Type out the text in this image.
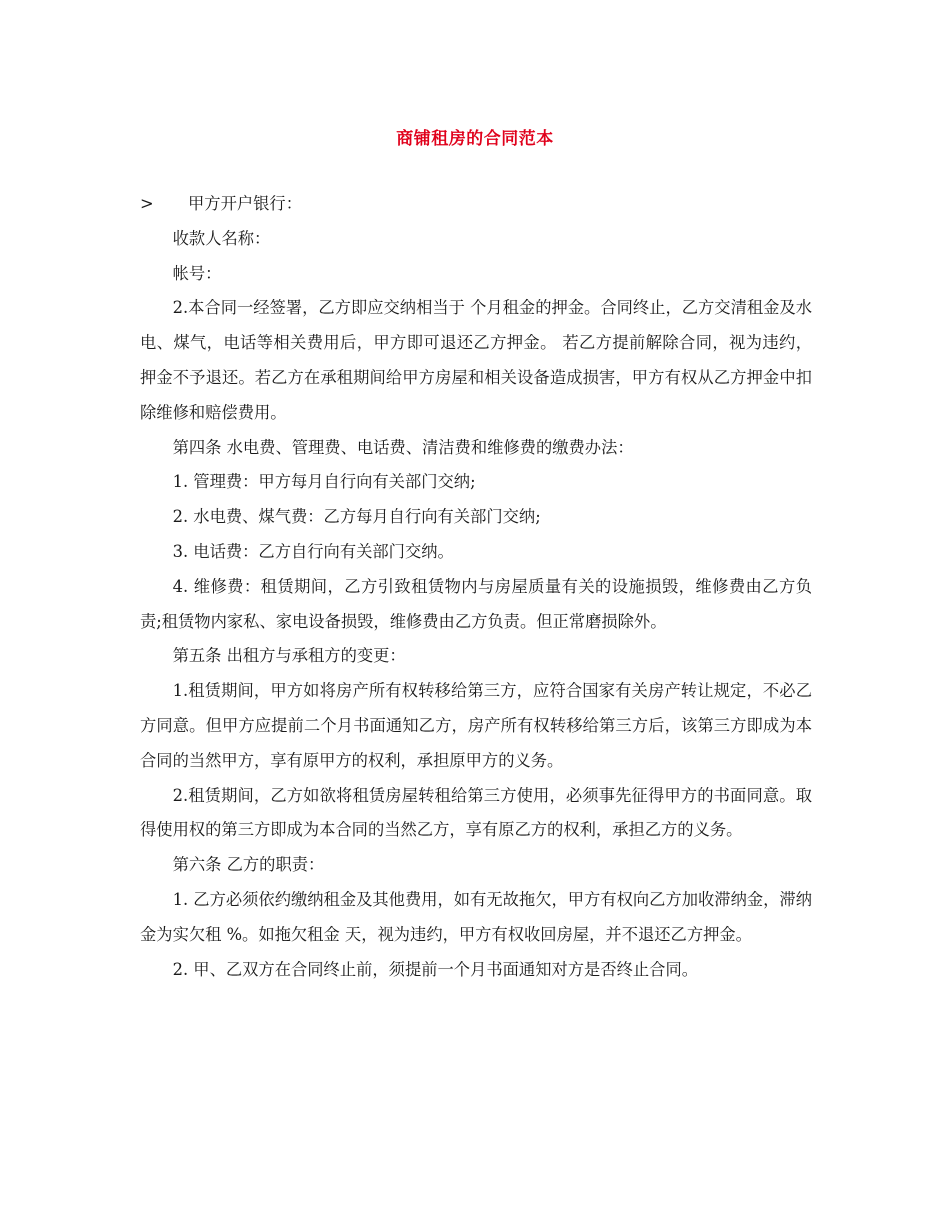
商铺租房的合同范本
> 甲方开户银行：

收款人名称：

帐号：

2.本合同一经签署，乙方即应交纳相当于 个月租金的押金。合同终止，乙方交清租金及水电、煤气，电话等相关费用后，甲方即可退还乙方押金。 若乙方提前解除合同，视为违约，押金不予退还。若乙方在承租期间给甲方房屋和相关设备造成损害，甲方有权从乙方押金中扣除维修和赔偿费用。

第四条 水电费、管理费、电话费、清洁费和维修费的缴费办法：

1. 管理费：甲方每月自行向有关部门交纳;

2. 水电费、煤气费：乙方每月自行向有关部门交纳;

3. 电话费：乙方自行向有关部门交纳。

4. 维修费：租赁期间，乙方引致租赁物内与房屋质量有关的设施损毁，维修费由乙方负责;租赁物内家私、家电设备损毁，维修费由乙方负责。但正常磨损除外。

第五条 出租方与承租方的变更：

1.租赁期间，甲方如将房产所有权转移给第三方，应符合国家有关房产转让规定，不必乙方同意。但甲方应提前二个月书面通知乙方，房产所有权转移给第三方后，该第三方即成为本合同的当然甲方，享有原甲方的权利，承担原甲方的义务。

2.租赁期间，乙方如欲将租赁房屋转租给第三方使用，必须事先征得甲方的书面同意。取得使用权的第三方即成为本合同的当然乙方，享有原乙方的权利，承担乙方的义务。

第六条 乙方的职责：

1. 乙方必须依约缴纳租金及其他费用，如有无故拖欠，甲方有权向乙方加收滞纳金，滞纳金为实欠租 %。如拖欠租金 天，视为违约，甲方有权收回房屋，并不退还乙方押金。

2. 甲、乙双方在合同终止前，须提前一个月书面通知对方是否终止合同。
